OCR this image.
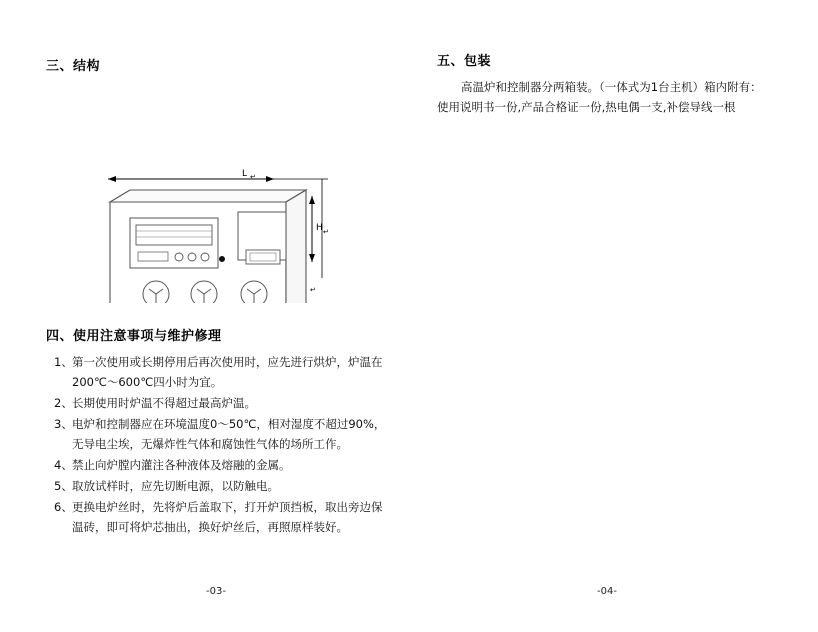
三、结构
L ↵
H ↵
↵
四、使用注意事项与维护修理
1、 第一次使用或长期停用后再次使用时，应先进行烘炉，炉温在200℃～600℃四小时为宜。
2、 长期使用时炉温不得超过最高炉温。
3、 电炉和控制器应在环境温度0～50℃，相对湿度不超过90%，无导电尘埃，无爆炸性气体和腐蚀性气体的场所工作。
4、 禁止向炉膛内灌注各种液体及熔融的金属。
5、 取放试样时，应先切断电源，以防触电。
6、 更换电炉丝时，先将炉后盖取下，打开炉顶挡板，取出旁边保温砖，即可将炉芯抽出，换好炉丝后，再照原样装好。
五、包装

高温炉和控制器分两箱装。（一体式为1台主机）箱内附有：
使用说明书一份,产品合格证一份,热电偶一支,补偿导线一根

-03-	-04-
